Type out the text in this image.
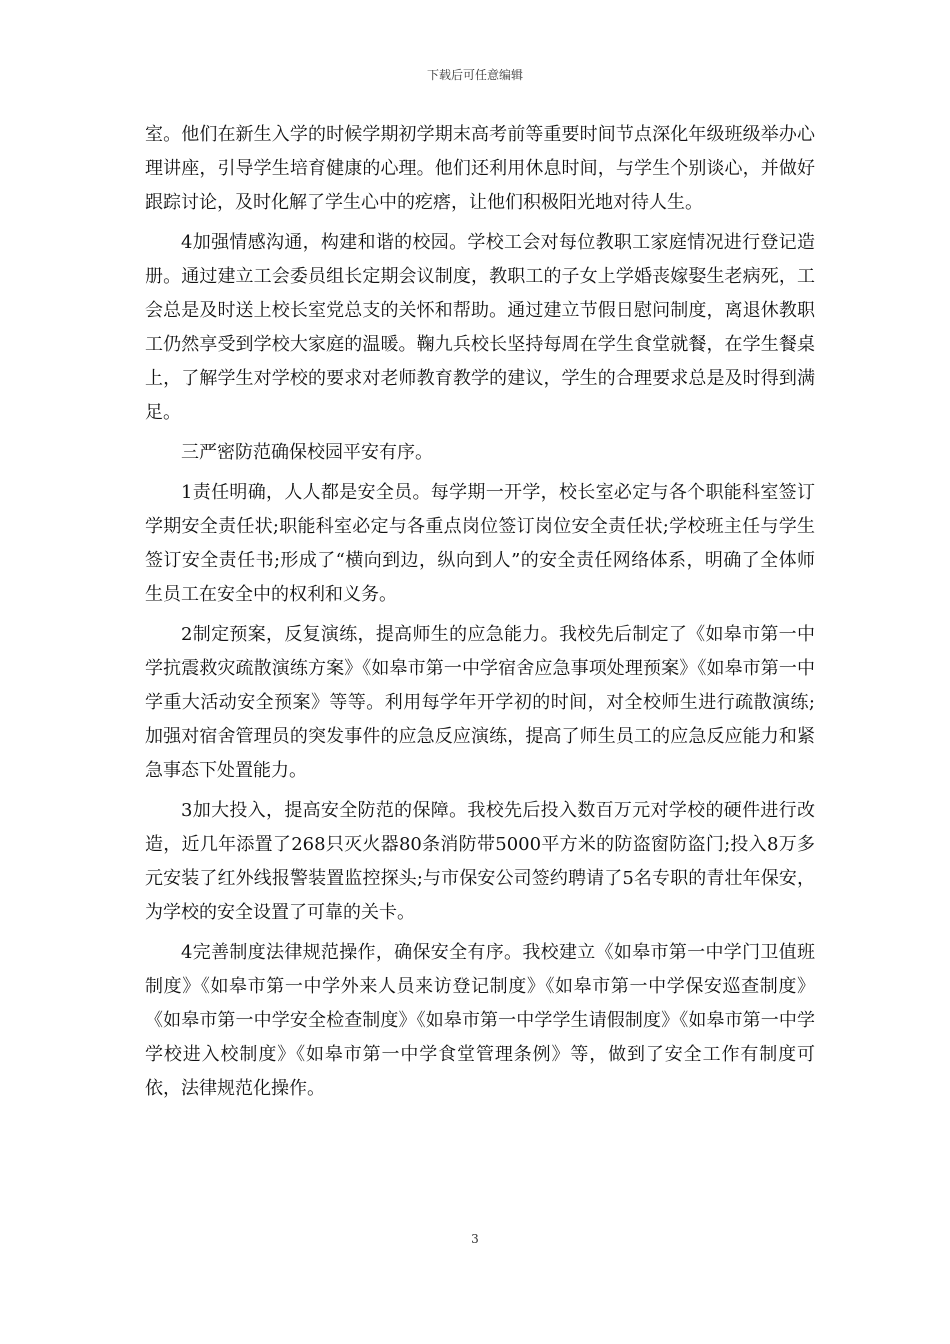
下载后可任意编辑

室。他们在新生入学的时候学期初学期末高考前等重要时间节点深化年级班级举办心理讲座，引导学生培育健康的心理。他们还利用休息时间，与学生个别谈心，并做好跟踪讨论，及时化解了学生心中的疙瘩，让他们积极阳光地对待人生。

4加强情感沟通，构建和谐的校园。学校工会对每位教职工家庭情况进行登记造册。通过建立工会委员组长定期会议制度，教职工的子女上学婚丧嫁娶生老病死，工会总是及时送上校长室党总支的关怀和帮助。通过建立节假日慰问制度，离退休教职工仍然享受到学校大家庭的温暖。鞠九兵校长坚持每周在学生食堂就餐，在学生餐桌上，了解学生对学校的要求对老师教育教学的建议，学生的合理要求总是及时得到满足。

三严密防范确保校园平安有序。

1责任明确，人人都是安全员。每学期一开学，校长室必定与各个职能科室签订学期安全责任状;职能科室必定与各重点岗位签订岗位安全责任状;学校班主任与学生签订安全责任书;形成了“横向到边，纵向到人”的安全责任网络体系，明确了全体师生员工在安全中的权利和义务。

2制定预案，反复演练，提高师生的应急能力。我校先后制定了《如皋市第一中学抗震救灾疏散演练方案》《如皋市第一中学宿舍应急事项处理预案》《如皋市第一中学重大活动安全预案》等等。利用每学年开学初的时间，对全校师生进行疏散演练;加强对宿舍管理员的突发事件的应急反应演练，提高了师生员工的应急反应能力和紧急事态下处置能力。

3加大投入，提高安全防范的保障。我校先后投入数百万元对学校的硬件进行改造，近几年添置了268只灭火器80条消防带5000平方米的防盗窗防盗门;投入8万多元安装了红外线报警装置监控探头;与市保安公司签约聘请了5名专职的青壮年保安，为学校的安全设置了可靠的关卡。

4完善制度法律规范操作，确保安全有序。我校建立《如皋市第一中学门卫值班制度》《如皋市第一中学外来人员来访登记制度》《如皋市第一中学保安巡查制度》《如皋市第一中学安全检查制度》《如皋市第一中学学生请假制度》《如皋市第一中学学校进入校制度》《如皋市第一中学食堂管理条例》等，做到了安全工作有制度可依，法律规范化操作。

3
